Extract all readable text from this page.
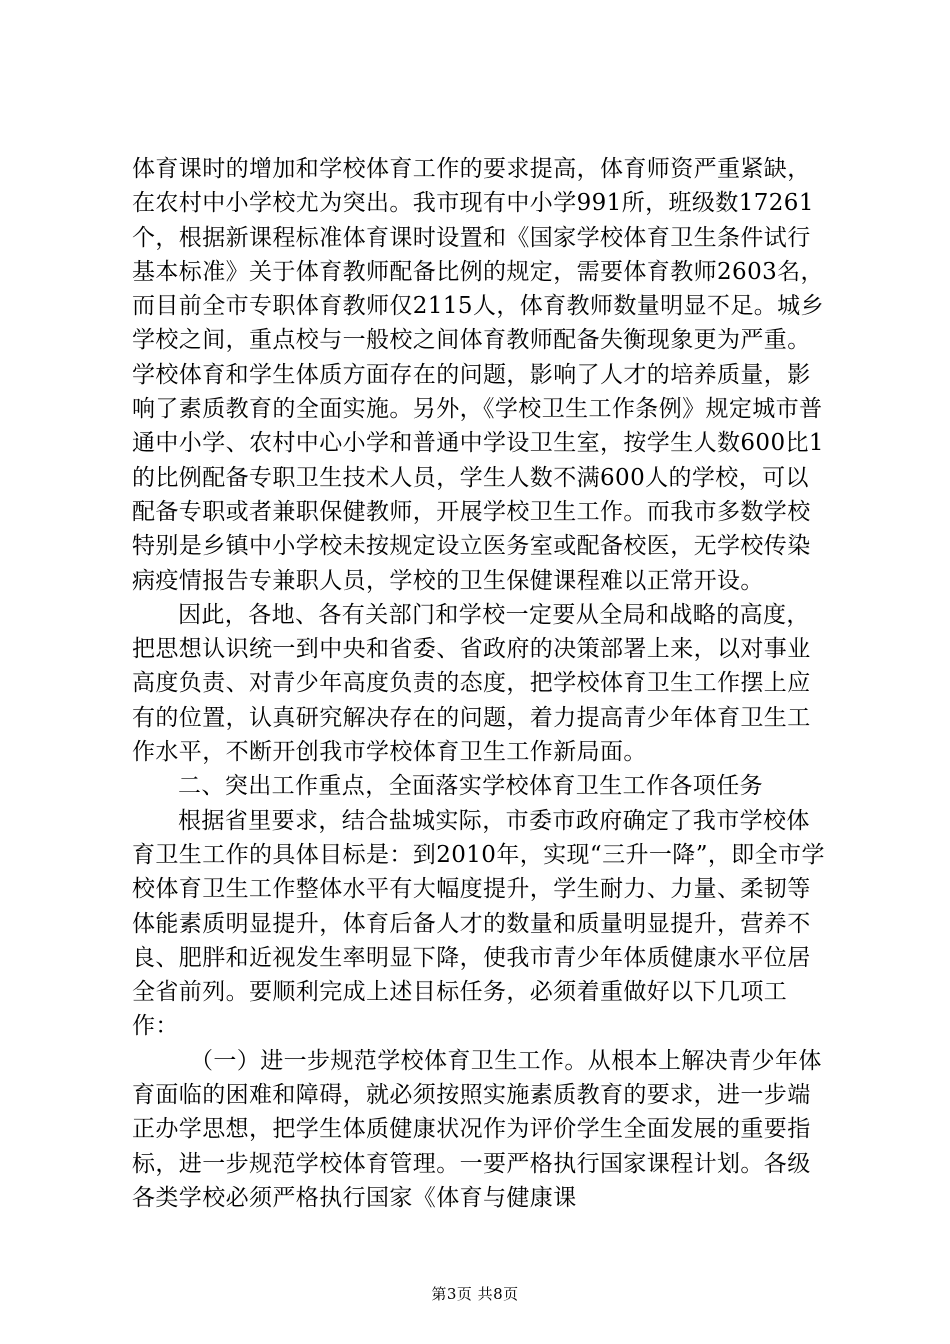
体育课时的增加和学校体育工作的要求提高，体育师资严重紧缺，在农村中小学校尤为突出。我市现有中小学991所，班级数17261个，根据新课程标准体育课时设置和《国家学校体育卫生条件试行基本标准》关于体育教师配备比例的规定，需要体育教师2603名，而目前全市专职体育教师仅2115人，体育教师数量明显不足。城乡学校之间，重点校与一般校之间体育教师配备失衡现象更为严重。学校体育和学生体质方面存在的问题，影响了人才的培养质量，影响了素质教育的全面实施。另外，《学校卫生工作条例》规定城市普通中小学、农村中心小学和普通中学设卫生室，按学生人数600比1的比例配备专职卫生技术人员，学生人数不满600人的学校，可以配备专职或者兼职保健教师，开展学校卫生工作。而我市多数学校特别是乡镇中小学校未按规定设立医务室或配备校医，无学校传染病疫情报告专兼职人员，学校的卫生保健课程难以正常开设。

因此，各地、各有关部门和学校一定要从全局和战略的高度，把思想认识统一到中央和省委、省政府的决策部署上来，以对事业高度负责、对青少年高度负责的态度，把学校体育卫生工作摆上应有的位置，认真研究解决存在的问题，着力提高青少年体育卫生工作水平，不断开创我市学校体育卫生工作新局面。

二、突出工作重点，全面落实学校体育卫生工作各项任务

根据省里要求，结合盐城实际，市委市政府确定了我市学校体育卫生工作的具体目标是：到2010年，实现“三升一降”，即全市学校体育卫生工作整体水平有大幅度提升，学生耐力、力量、柔韧等体能素质明显提升，体育后备人才的数量和质量明显提升，营养不良、肥胖和近视发生率明显下降，使我市青少年体质健康水平位居全省前列。要顺利完成上述目标任务，必须着重做好以下几项工作：

（一）进一步规范学校体育卫生工作。从根本上解决青少年体育面临的困难和障碍，就必须按照实施素质教育的要求，进一步端正办学思想，把学生体质健康状况作为评价学生全面发展的重要指标，进一步规范学校体育管理。一要严格执行国家课程计划。各级各类学校必须严格执行国家《体育与健康课

第3页 共8页
